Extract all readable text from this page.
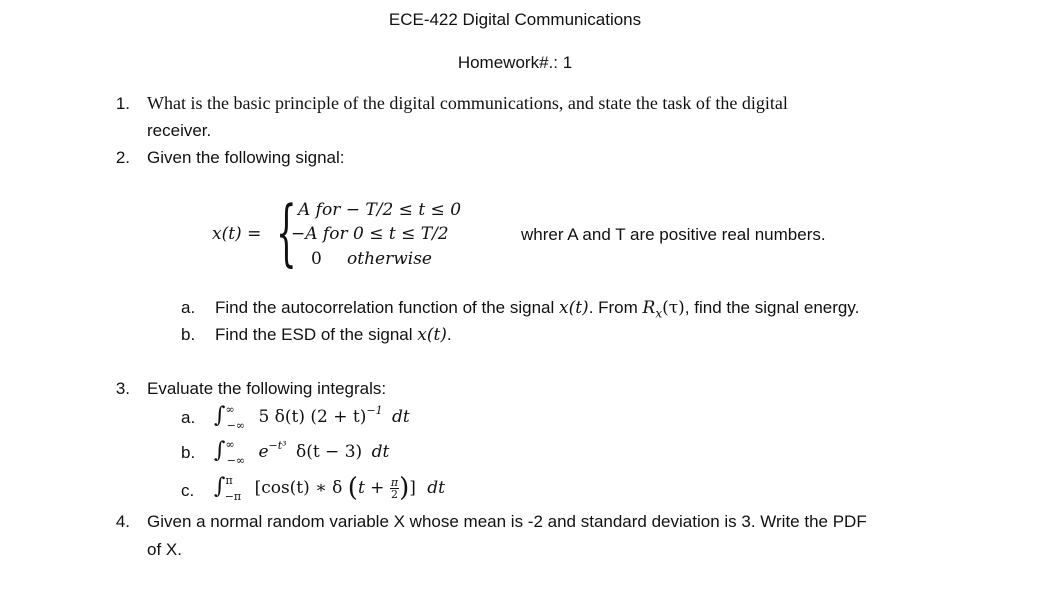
ECE-422 Digital Communications
Homework#.: 1
1. What is the basic principle of the digital communications, and state the task of the digital
receiver.
2. Given the following signal:
x(t) = { A for − T/2 ≤ t ≤ 0
−A for 0 ≤ t ≤ T/2
0 otherwise
whrer A and T are positive real numbers.
a. Find the autocorrelation function of the signal x(t). From $R_x(\tau)$, find the signal energy.
b. Find the ESD of the signal x(t).
3. Evaluate the following integrals:
a. $\int^\infty_{-\infty}$ 5 δ(t) $(2 + t)^{-1}$ dt
b. $\int^\infty_{-\infty}$ $e^{-t^3}$ δ(t − 3) dt
c. ∫$^\pi_{-\pi}$ [cos(t) ∗ δ ($t + \frac{\pi}{2}$ )] dt
4. Given a normal random variable X whose mean is -2 and standard deviation is 3. Write the PDF
of X.
